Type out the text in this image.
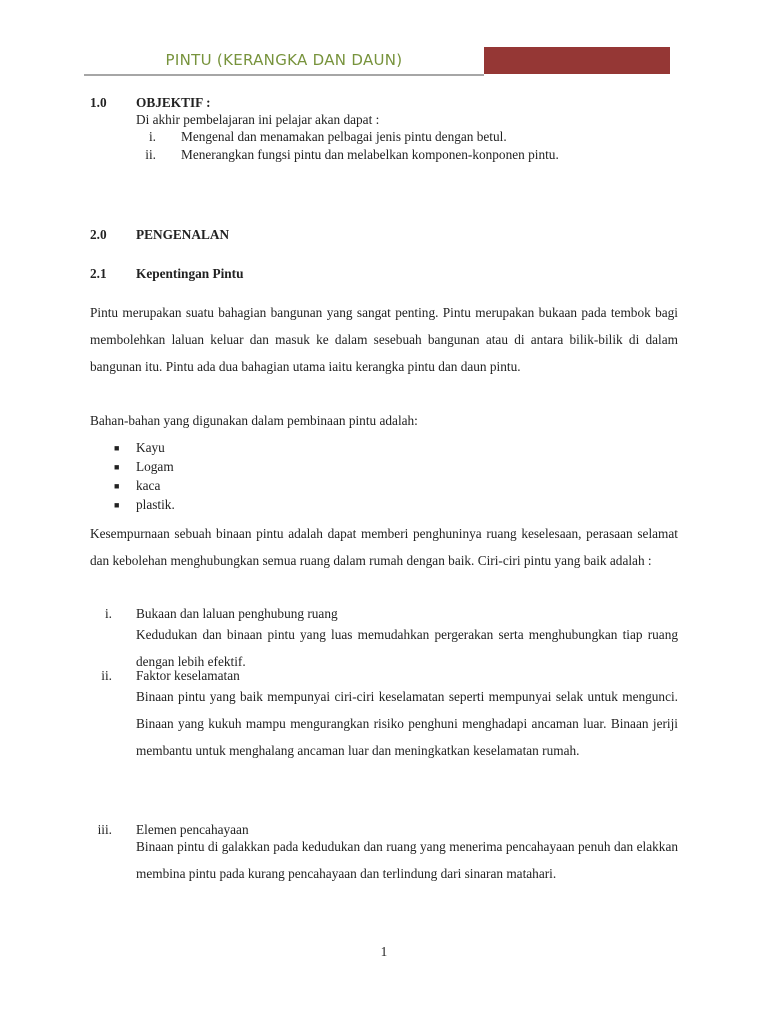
PINTU (KERANGKA DAN DAUN)
1.0 OBJEKTIF :
Di akhir pembelajaran ini pelajar akan dapat :
i. Mengenal dan menamakan pelbagai jenis pintu dengan betul.
ii. Menerangkan fungsi pintu dan melabelkan komponen-konponen pintu.
2.0 PENGENALAN
2.1 Kepentingan Pintu

Pintu merupakan suatu bahagian bangunan yang sangat penting. Pintu merupakan bukaan pada tembok bagi membolehkan laluan keluar dan masuk ke dalam sesebuah bangunan atau di antara bilik-bilik di dalam bangunan itu. Pintu ada dua bahagian utama iaitu kerangka pintu dan daun pintu.

Bahan-bahan yang digunakan dalam pembinaan pintu adalah:
■ Kayu
■ Logam
■ kaca
■ plastik.

Kesempurnaan sebuah binaan pintu adalah dapat memberi penghuninya ruang keselesaan, perasaan selamat dan kebolehan menghubungkan semua ruang dalam rumah dengan baik. Ciri-ciri pintu yang baik adalah :

i. Bukaan dan laluan penghubung ruang

Kedudukan dan binaan pintu yang luas memudahkan pergerakan serta menghubungkan tiap ruang dengan lebih efektif.

ii. Faktor keselamatan

Binaan pintu yang baik mempunyai ciri-ciri keselamatan seperti mempunyai selak untuk mengunci. Binaan yang kukuh mampu mengurangkan risiko penghuni menghadapi ancaman luar. Binaan jeriji membantu untuk menghalang ancaman luar dan meningkatkan keselamatan rumah.

iii. Elemen pencahayaan

Binaan pintu di galakkan pada kedudukan dan ruang yang menerima pencahayaan penuh dan elakkan membina pintu pada kurang pencahayaan dan terlindung dari sinaran matahari.

1
